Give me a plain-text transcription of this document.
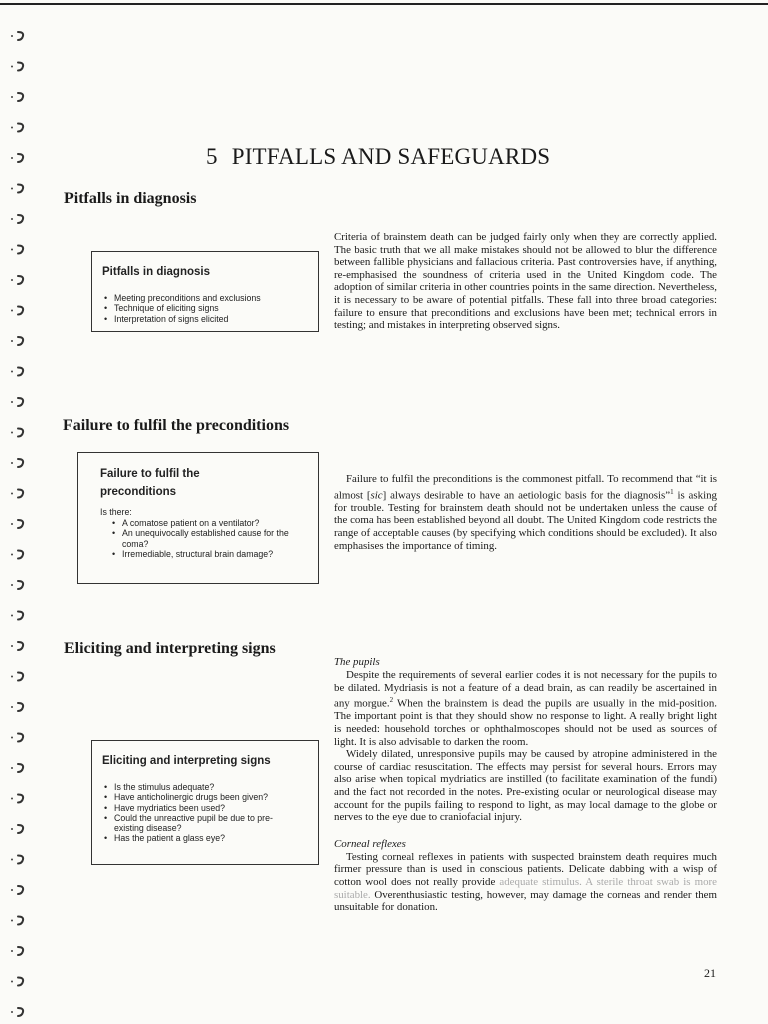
5 PITFALLS AND SAFEGUARDS
Pitfalls in diagnosis
Pitfalls in diagnosis
• Meeting preconditions and exclusions
• Technique of eliciting signs
• Interpretation of signs elicited

Criteria of brainstem death can be judged fairly only when they are correctly applied. The basic truth that we all make mistakes should not be allowed to blur the difference between fallible physicians and fallacious criteria. Past controversies have, if anything, re-emphasised the soundness of criteria used in the United Kingdom code. The adoption of similar criteria in other countries points in the same direction. Nevertheless, it is necessary to be aware of potential pitfalls. These fall into three broad categories: failure to ensure that preconditions and exclusions have been met; technical errors in testing; and mistakes in interpreting observed signs.

Failure to fulfil the preconditions
Failure to fulfil the
preconditions
Is there:
• A comatose patient on a ventilator?
• An unequivocally established cause for the coma?
• Irremediable, structural brain damage?

Failure to fulfil the preconditions is the commonest pitfall. To recommend that “it is almost [sic] always desirable to have an aetiologic basis for the diagnosis”$^1$ is asking for trouble. Testing for brainstem death should not be undertaken unless the cause of the coma has been established beyond all doubt. The United Kingdom code restricts the range of acceptable causes (by specifying which conditions should be excluded). It also emphasises the importance of timing.

Eliciting and interpreting signs
Eliciting and interpreting signs
• Is the stimulus adequate?
• Have anticholinergic drugs been given?
• Have mydriatics been used?
• Could the unreactive pupil be due to pre-existing disease?
• Has the patient a glass eye?
The pupils

Despite the requirements of several earlier codes it is not necessary for the pupils to be dilated. Mydriasis is not a feature of a dead brain, as can readily be ascertained in any morgue.$^2$ When the brainstem is dead the pupils are usually in the mid-position. The important point is that they should show no response to light. A really bright light is needed: household torches or ophthalmoscopes should not be used as sources of light. It is also advisable to darken the room.

Widely dilated, unresponsive pupils may be caused by atropine administered in the course of cardiac resuscitation. The effects may persist for several hours. Errors may also arise when topical mydriatics are instilled (to facilitate examination of the fundi) and the fact not recorded in the notes. Pre-existing ocular or neurological disease may account for the pupils failing to respond to light, as may local damage to the globe or nerves to the eye due to craniofacial injury.

Corneal reflexes

Testing corneal reflexes in patients with suspected brainstem death requires much firmer pressure than is used in conscious patients. Delicate dabbing with a wisp of cotton wool does not really provide adequate stimulus. A sterile throat swab is more suitable. Overenthusiastic testing, however, may damage the corneas and render them unsuitable for donation.

21
